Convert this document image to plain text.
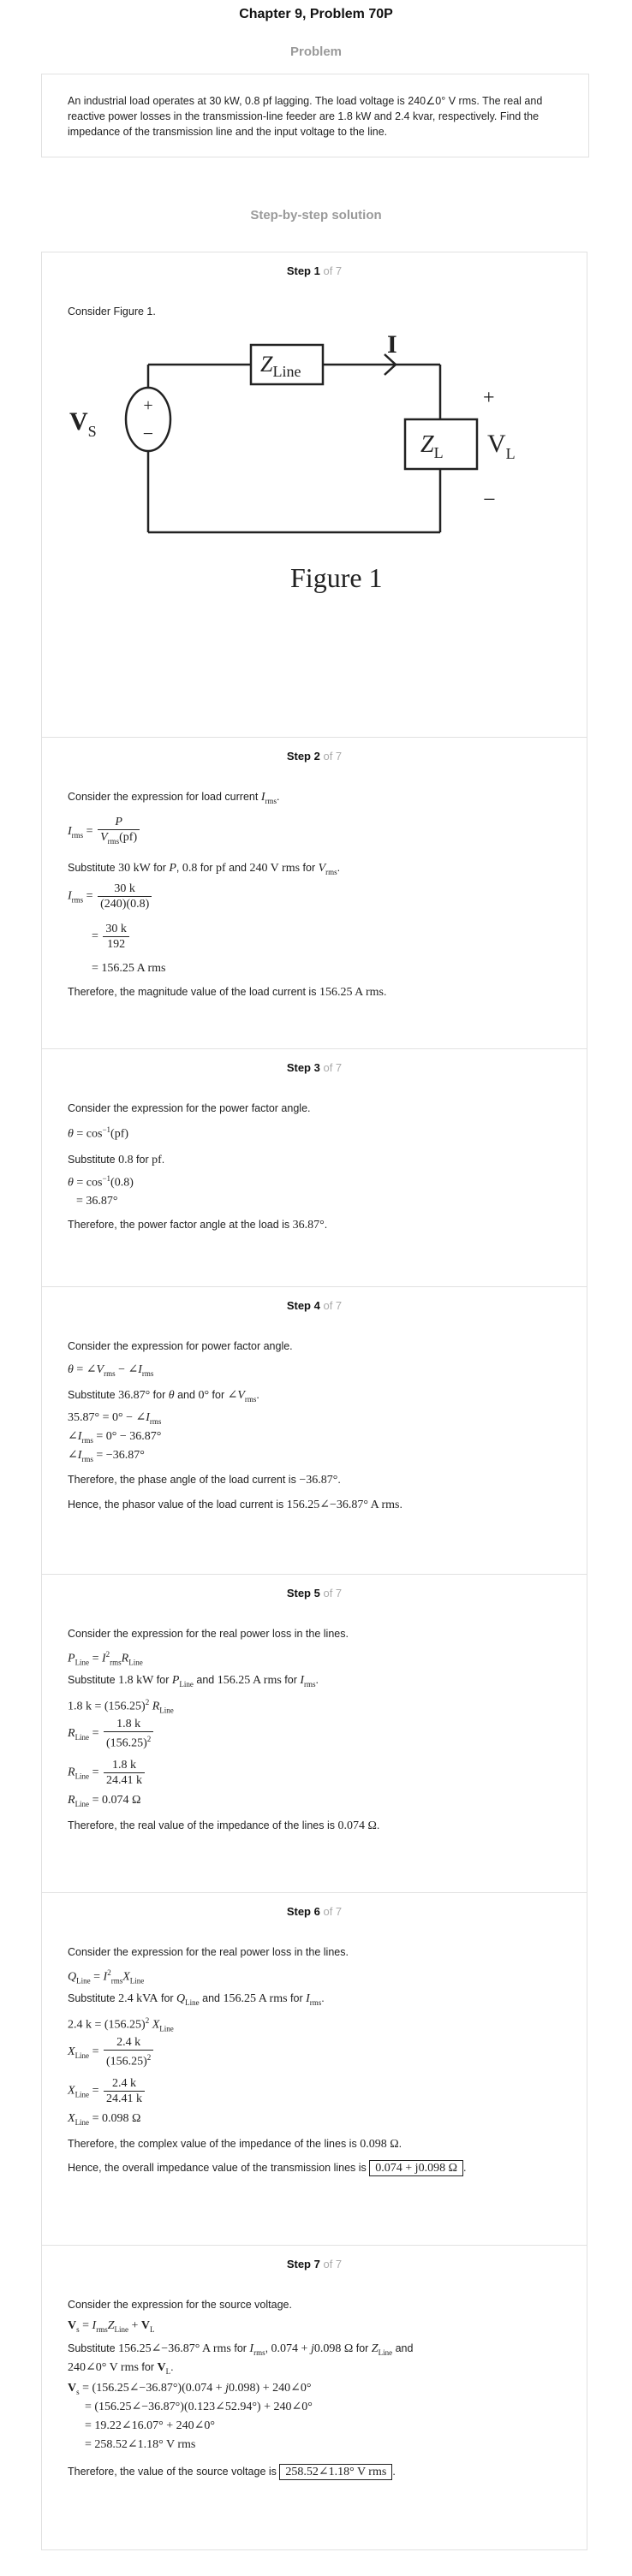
Chapter 9, Problem 70P
Problem
An industrial load operates at 30 kW, 0.8 pf lagging. The load voltage is 240∠0° V rms. The real and reactive power losses in the transmission-line feeder are 1.8 kW and 2.4 kvar, respectively. Find the impedance of the transmission line and the input voltage to the line.
Step-by-step solution
Step 1 of 7
Consider Figure 1.
+
−
$V_S$
$Z_{Line}$
I
$Z_L$
+
$V_L$
−
Figure 1
Step 2 of 7
Consider the expression for load current $I_{rms}$.
$I_{rms} = \frac{P}{V_{rms}(pf)}$
Substitute 30 kW for P, 0.8 for pf and 240 V rms for $V_{rms}$.
$I_{rms} = \frac{30 k}{(240)(0.8)}$
= $\frac{30 k}{192}$
= 156.25 A rms
Therefore, the magnitude value of the load current is 156.25 A rms.
Step 3 of 7
Consider the expression for the power factor angle.
$\theta = \cos^{-1}(pf)$
Substitute 0.8 for pf.
$\theta = \cos^{-1}(0.8)$
= 36.87°
Therefore, the power factor angle at the load is 36.87°.
Step 4 of 7
Consider the expression for power factor angle.
$\theta = \angle V_{rms}$ − $\angle I_{rms}$
Substitute 36.87° for θ and 0° for $\angle V_{rms}$.
$35.87^\circ = 0^\circ - \angle I_{rms}$
$\angle I_{rms} = 0^\circ - 36.87^\circ$
$\angle I_{rms} = -36.87^\circ$
Therefore, the phase angle of the load current is −36.87°.
Hence, the phasor value of the load current is 156.25∠−36.87° A rms.
Step 5 of 7
Consider the expression for the real power loss in the lines.
$P_{Line} = I^2_{rms}R_{Line}$
Substitute 1.8 kW for $P_{Line}$ and 156.25 A rms for $I_{rms}$.
1.8 $k = (156.25)^2$ $R_{Line}$
$R_{Line} = \frac{1.8 k}{(156.25)^2}$
$R_{Line} = \frac{1.8 k}{24.41 k}$
$R_{Line} = 0.074$ Ω
Therefore, the real value of the impedance of the lines is 0.074 Ω.
Step 6 of 7
Consider the expression for the real power loss in the lines.
$Q_{Line} = I^2_{rms}X_{Line}$
Substitute 2.4 kVA for $Q_{Line}$ and 156.25 A rms for $I_{rms}$.
2.4 $k = (156.25)^2$ $X_{Line}$
$X_{Line} = \frac{2.4 k}{(156.25)^2}$
$X_{Line} = \frac{2.4 k}{24.41 k}$
$X_{Line} = 0.098$ Ω
Therefore, the complex value of the impedance of the lines is 0.098 Ω.
Hence, the overall impedance value of the transmission lines is 0.074 + j0.098 Ω .
Step 7 of 7
Consider the expression for the source voltage.
$V_s = I_{rms}Z_{Line} + V_L$
Substitute 156.25∠−36.87° A rms for $I_{rms}$, 0.074 + j0.098 Ω for $Z_{Line}$ and
240∠0° V rms for $V_L$.
$V_s$ = (156.25∠−36.87°)(0.074 + j0.098) + 240∠0°
= (156.25∠−36.87°)(0.123∠52.94°) + 240∠0°
= 19.22∠16.07° + 240∠0°
= 258.52∠1.18° V rms
Therefore, the value of the source voltage is 258.52∠1.18° V rms .
